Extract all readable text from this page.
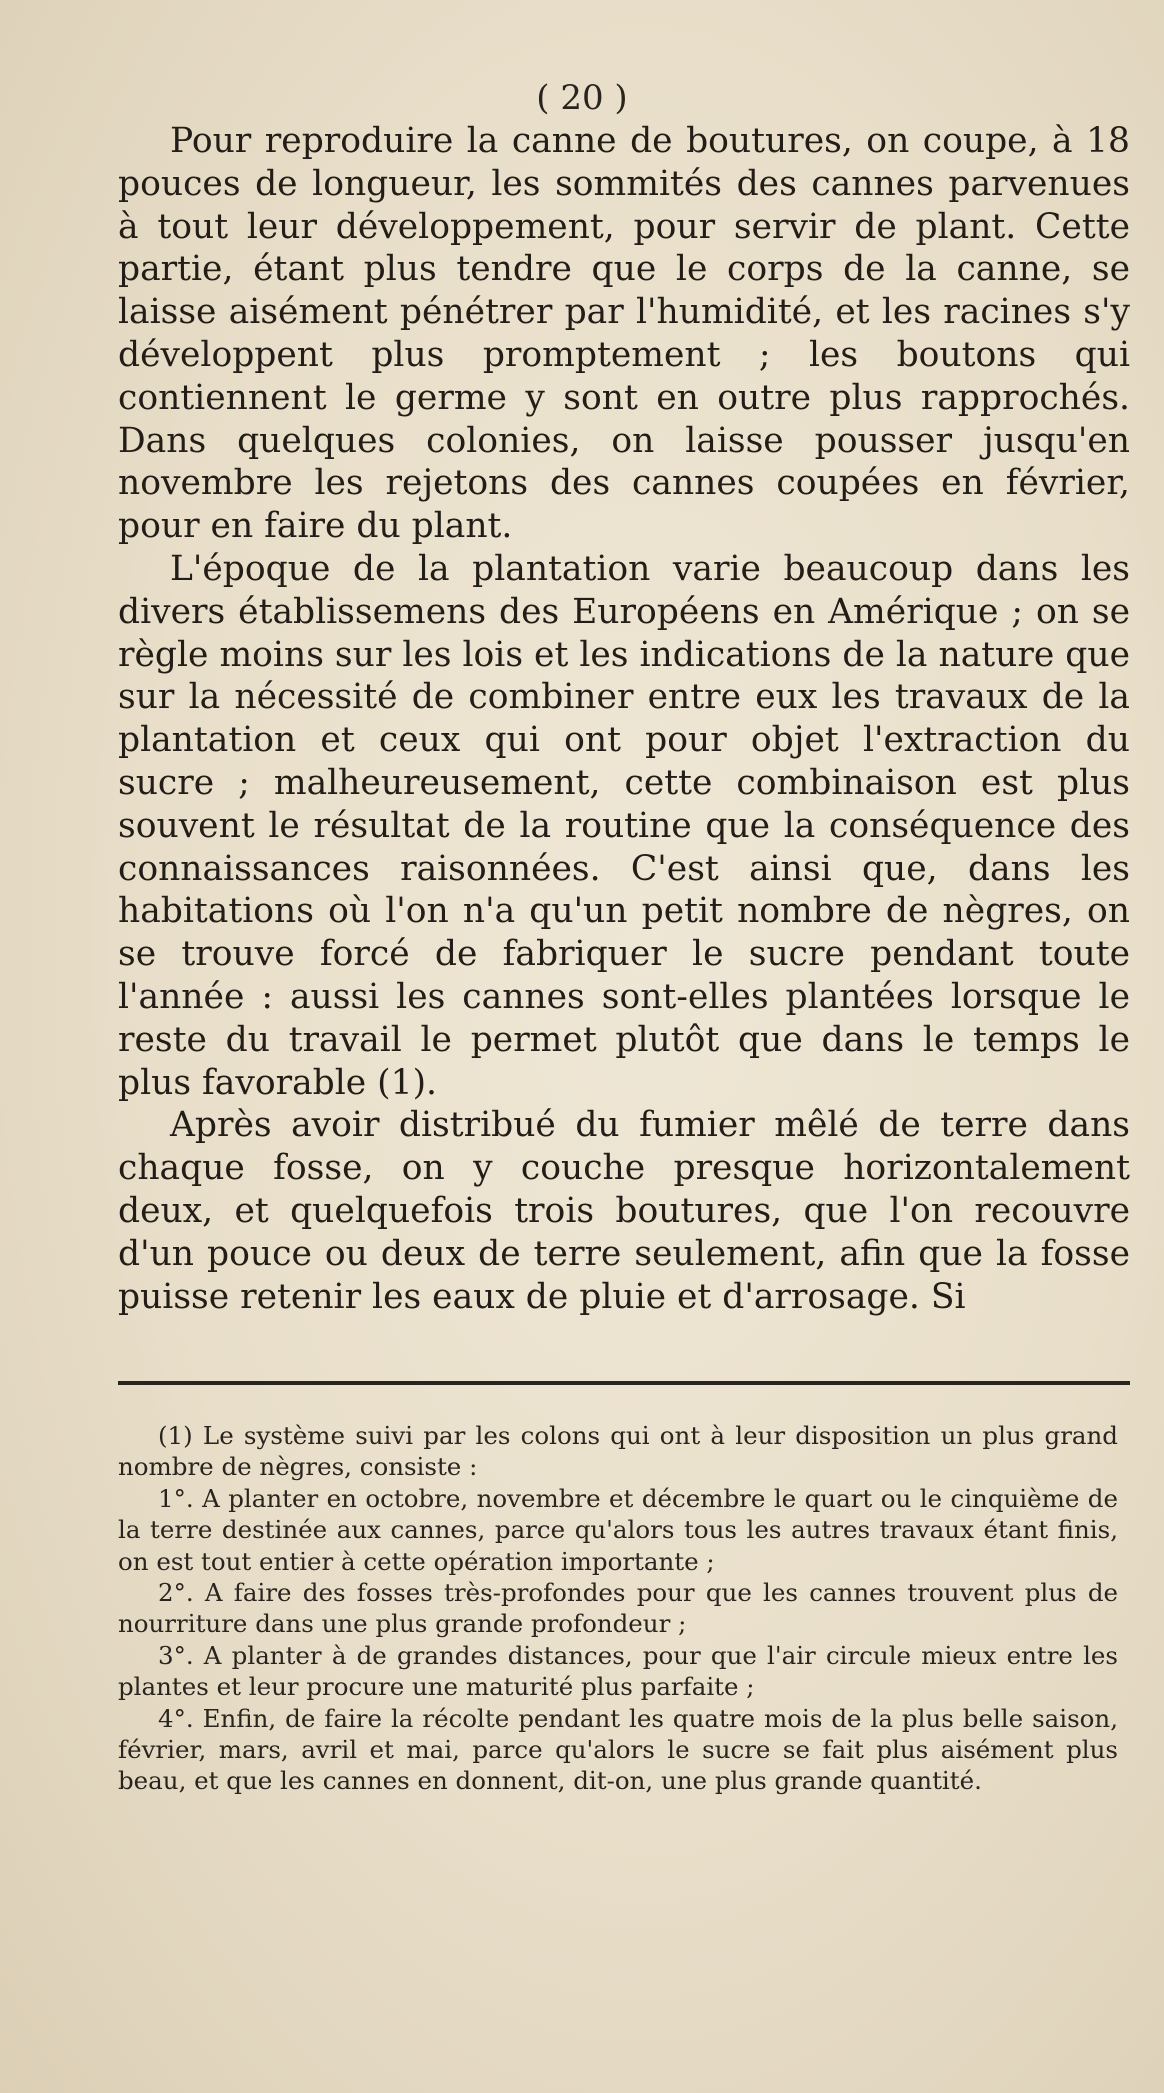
( 20 )

Pour reproduire la canne de boutures, on coupe, à 18 pouces de longueur, les sommités des cannes parvenues à tout leur développement, pour servir de plant. Cette partie, étant plus tendre que le corps de la canne, se laisse aisément pénétrer par l'humidité, et les racines s'y développent plus promptement ; les boutons qui contiennent le germe y sont en outre plus rapprochés. Dans quelques colonies, on laisse pousser jusqu'en novembre les rejetons des cannes coupées en février, pour en faire du plant.

L'époque de la plantation varie beaucoup dans les divers établissemens des Européens en Amérique ; on se règle moins sur les lois et les indications de la nature que sur la nécessité de combiner entre eux les travaux de la plantation et ceux qui ont pour objet l'extraction du sucre ; malheureusement, cette combinaison est plus souvent le résultat de la routine que la conséquence des connaissances raisonnées. C'est ainsi que, dans les habitations où l'on n'a qu'un petit nombre de nègres, on se trouve forcé de fabriquer le sucre pendant toute l'année : aussi les cannes sont-elles plantées lorsque le reste du travail le permet plutôt que dans le temps le plus favorable (1).

Après avoir distribué du fumier mêlé de terre dans chaque fosse, on y couche presque horizontalement deux, et quelquefois trois boutures, que l'on recouvre d'un pouce ou deux de terre seulement, afin que la fosse puisse retenir les eaux de pluie et d'arrosage. Si

(1) Le système suivi par les colons qui ont à leur disposition un plus grand nombre de nègres, consiste :

1°. A planter en octobre, novembre et décembre le quart ou le cinquième de la terre destinée aux cannes, parce qu'alors tous les autres travaux étant finis, on est tout entier à cette opération importante ;

2°. A faire des fosses très-profondes pour que les cannes trouvent plus de nourriture dans une plus grande profondeur ;

3°. A planter à de grandes distances, pour que l'air circule mieux entre les plantes et leur procure une maturité plus parfaite ;

4°. Enfin, de faire la récolte pendant les quatre mois de la plus belle saison, février, mars, avril et mai, parce qu'alors le sucre se fait plus aisément plus beau, et que les cannes en donnent, dit-on, une plus grande quantité.
